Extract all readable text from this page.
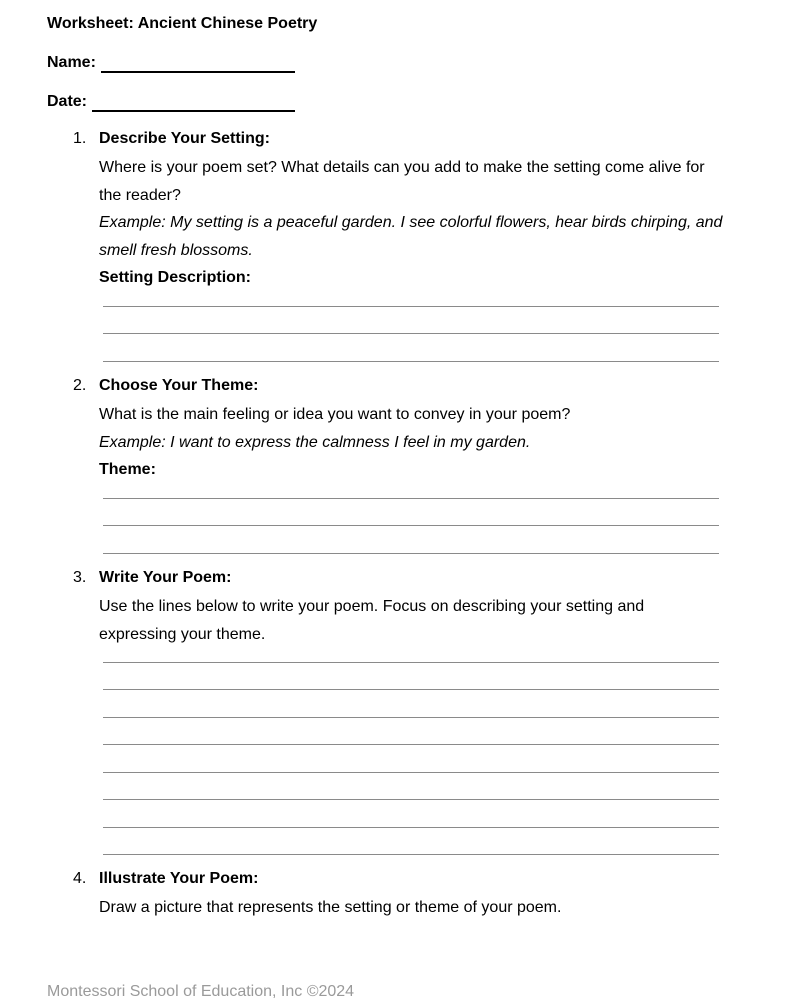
Worksheet: Ancient Chinese Poetry
Name:
Date:
1. Describe Your Setting:
Where is your poem set? What details can you add to make the setting come alive for the reader?
Example: My setting is a peaceful garden. I see colorful flowers, hear birds chirping, and smell fresh blossoms.
Setting Description:
2. Choose Your Theme:
What is the main feeling or idea you want to convey in your poem?
Example: I want to express the calmness I feel in my garden.
Theme:
3. Write Your Poem:
Use the lines below to write your poem. Focus on describing your setting and expressing your theme.
4. Illustrate Your Poem:
Draw a picture that represents the setting or theme of your poem.
Montessori School of Education, Inc ©2024
